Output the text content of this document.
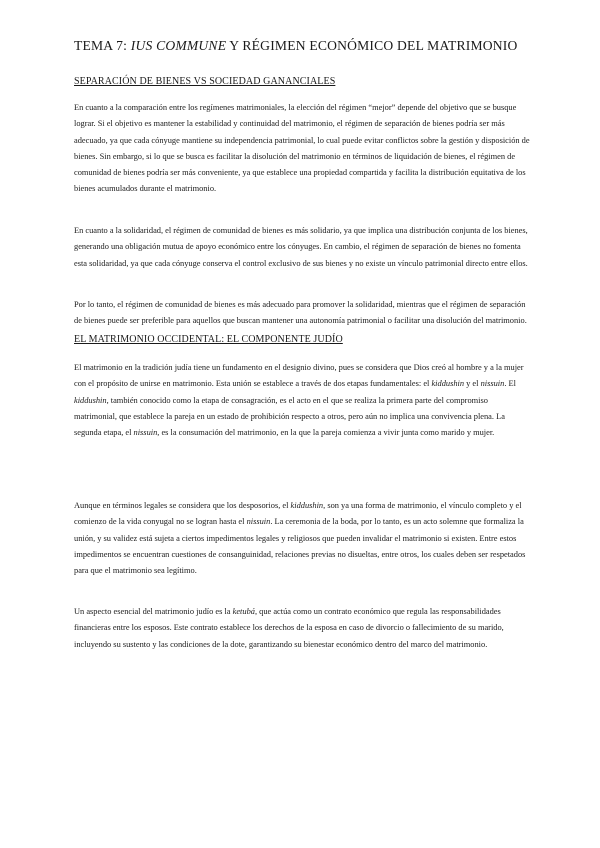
TEMA 7: IUS COMMUNE Y RÉGIMEN ECONÓMICO DEL MATRIMONIO
SEPARACIÓN DE BIENES VS SOCIEDAD GANANCIALES

En cuanto a la comparación entre los regímenes matrimoniales, la elección del régimen “mejor” depende del objetivo que se busque lograr. Si el objetivo es mantener la estabilidad y continuidad del matrimonio, el régimen de separación de bienes podría ser más adecuado, ya que cada cónyuge mantiene su independencia patrimonial, lo cual puede evitar conflictos sobre la gestión y disposición de bienes. Sin embargo, si lo que se busca es facilitar la disolución del matrimonio en términos de liquidación de bienes, el régimen de comunidad de bienes podría ser más conveniente, ya que establece una propiedad compartida y facilita la distribución equitativa de los bienes acumulados durante el matrimonio.

En cuanto a la solidaridad, el régimen de comunidad de bienes es más solidario, ya que implica una distribución conjunta de los bienes, generando una obligación mutua de apoyo económico entre los cónyuges. En cambio, el régimen de separación de bienes no fomenta esta solidaridad, ya que cada cónyuge conserva el control exclusivo de sus bienes y no existe un vínculo patrimonial directo entre ellos.

Por lo tanto, el régimen de comunidad de bienes es más adecuado para promover la solidaridad, mientras que el régimen de separación de bienes puede ser preferible para aquellos que buscan mantener una autonomía patrimonial o facilitar una disolución del matrimonio.

EL MATRIMONIO OCCIDENTAL: EL COMPONENTE JUDÍO

El matrimonio en la tradición judía tiene un fundamento en el designio divino, pues se considera que Dios creó al hombre y a la mujer con el propósito de unirse en matrimonio. Esta unión se establece a través de dos etapas fundamentales: el kiddushin y el nissuin. El kiddushin, también conocido como la etapa de consagración, es el acto en el que se realiza la primera parte del compromiso matrimonial, que establece la pareja en un estado de prohibición respecto a otros, pero aún no implica una convivencia plena. La segunda etapa, el nissuin, es la consumación del matrimonio, en la que la pareja comienza a vivir junta como marido y mujer.

Aunque en términos legales se considera que los desposorios, el kiddushin, son ya una forma de matrimonio, el vínculo completo y el comienzo de la vida conyugal no se logran hasta el nissuin. La ceremonia de la boda, por lo tanto, es un acto solemne que formaliza la unión, y su validez está sujeta a ciertos impedimentos legales y religiosos que pueden invalidar el matrimonio si existen. Entre estos impedimentos se encuentran cuestiones de consanguinidad, relaciones previas no disueltas, entre otros, los cuales deben ser respetados para que el matrimonio sea legítimo.

Un aspecto esencial del matrimonio judío es la ketubá, que actúa como un contrato económico que regula las responsabilidades financieras entre los esposos. Este contrato establece los derechos de la esposa en caso de divorcio o fallecimiento de su marido, incluyendo su sustento y las condiciones de la dote, garantizando su bienestar económico dentro del marco del matrimonio.
